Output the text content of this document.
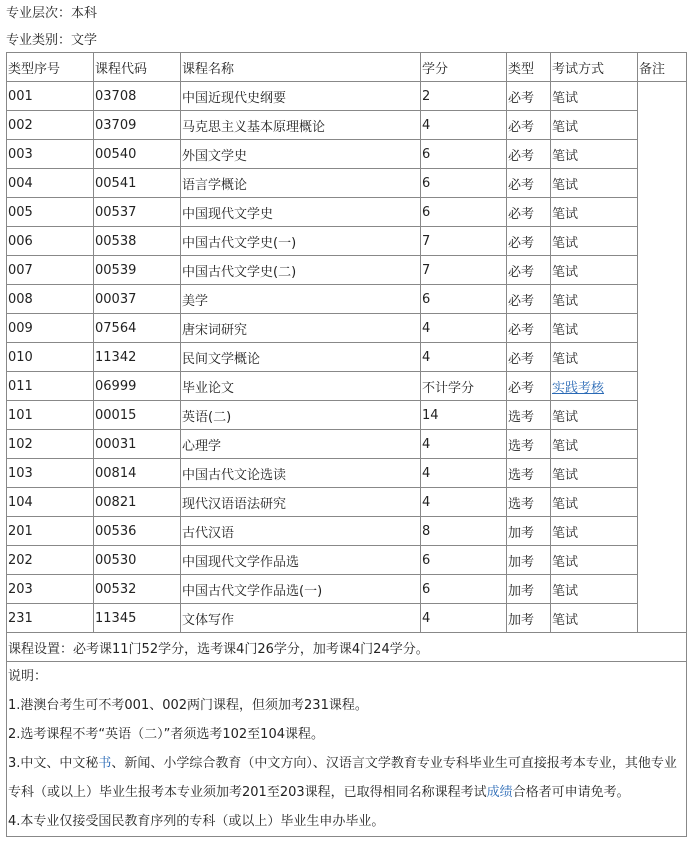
专业层次：本科
专业类别：文学
类型序号	课程代码	课程名称	学分	类型	考试方式	备注
001	03708	中国近现代史纲要	2	必考	笔试	
002	03709	马克思主义基本原理概论	4	必考	笔试	
003	00540	外国文学史	6	必考	笔试	
004	00541	语言学概论	6	必考	笔试	
005	00537	中国现代文学史	6	必考	笔试	
006	00538	中国古代文学史(一)	7	必考	笔试	
007	00539	中国古代文学史(二)	7	必考	笔试	
008	00037	美学	6	必考	笔试	
009	07564	唐宋词研究	4	必考	笔试	
010	11342	民间文学概论	4	必考	笔试	
011	06999	毕业论文	不计学分	必考	实践考核	
101	00015	英语(二)	14	选考	笔试	
102	00031	心理学	4	选考	笔试	
103	00814	中国古代文论选读	4	选考	笔试	
104	00821	现代汉语语法研究	4	选考	笔试	
201	00536	古代汉语	8	加考	笔试	
202	00530	中国现代文学作品选	6	加考	笔试	
203	00532	中国古代文学作品选(一)	6	加考	笔试	
231	11345	文体写作	4	加考	笔试	
课程设置：必考课11门52学分，选考课4门26学分，加考课4门24学分。						

说明：
1.港澳台考生可不考001、002两门课程，但须加考231课程。
2.选考课程不考“英语（二）”者须选考102至104课程。
3.中文、中文秘书、新闻、小学综合教育（中文方向）、汉语言文学教育专业专科毕业生可直接报考本专业，其他专业专科（或以上）毕业生报考本专业须加考201至203课程，已取得相同名称课程考试成绩合格者可申请免考。
4.本专业仅接受国民教育序列的专科（或以上）毕业生申办毕业。						
